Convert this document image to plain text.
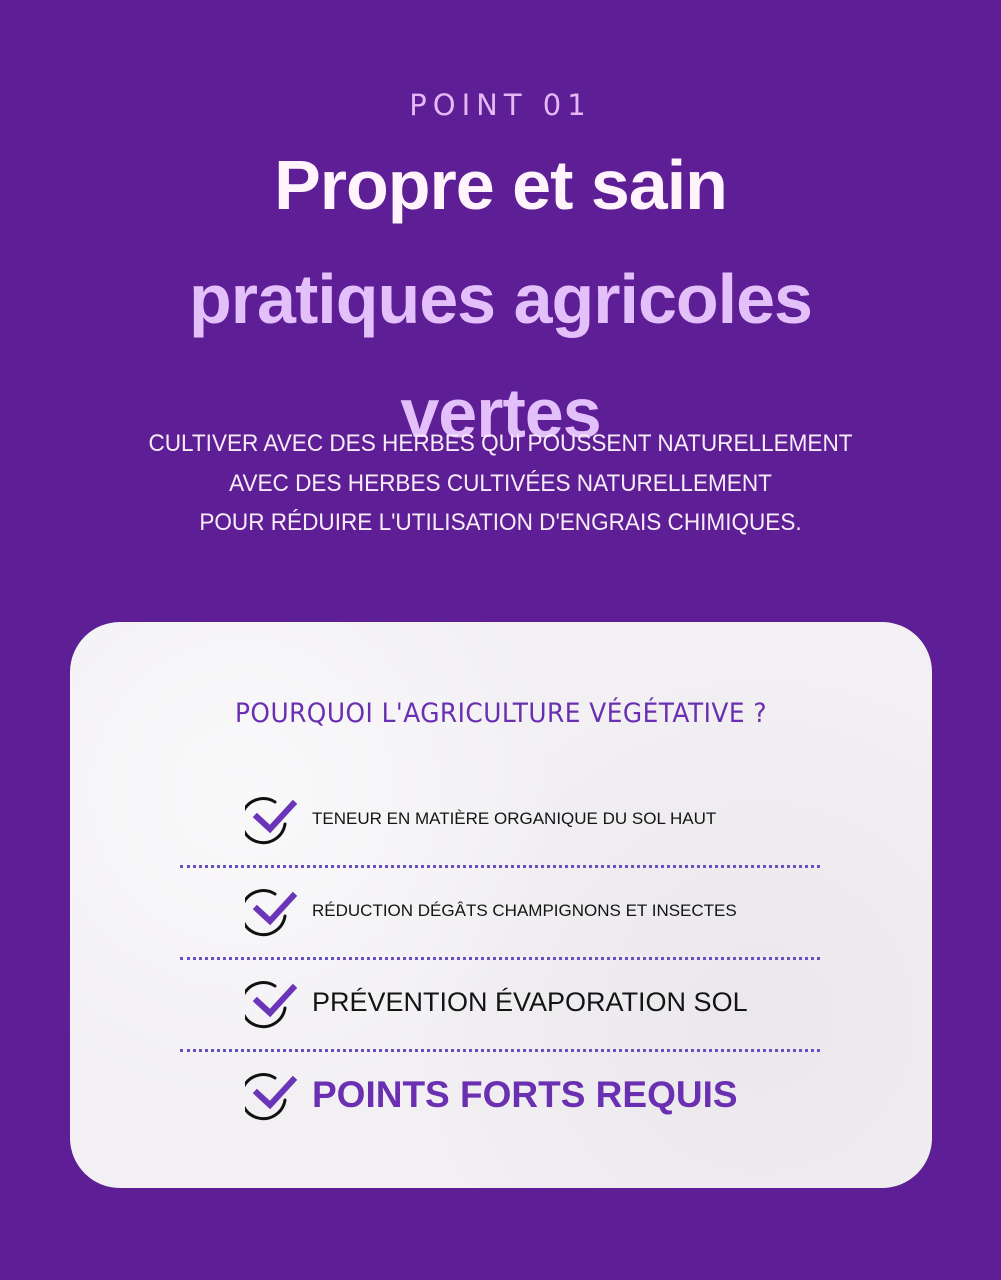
POINT 01
Propre et sain
pratiques agricoles
vertes
CULTIVER AVEC DES HERBES QUI POUSSENT NATURELLEMENT
AVEC DES HERBES CULTIVÉES NATURELLEMENT
POUR RÉDUIRE L'UTILISATION D'ENGRAIS CHIMIQUES.
POURQUOI L'AGRICULTURE VÉGÉTATIVE ?
TENEUR EN MATIÈRE ORGANIQUE DU SOL HAUT
RÉDUCTION DÉGÂTS CHAMPIGNONS ET INSECTES
PRÉVENTION ÉVAPORATION SOL
POINTS FORTS REQUIS
